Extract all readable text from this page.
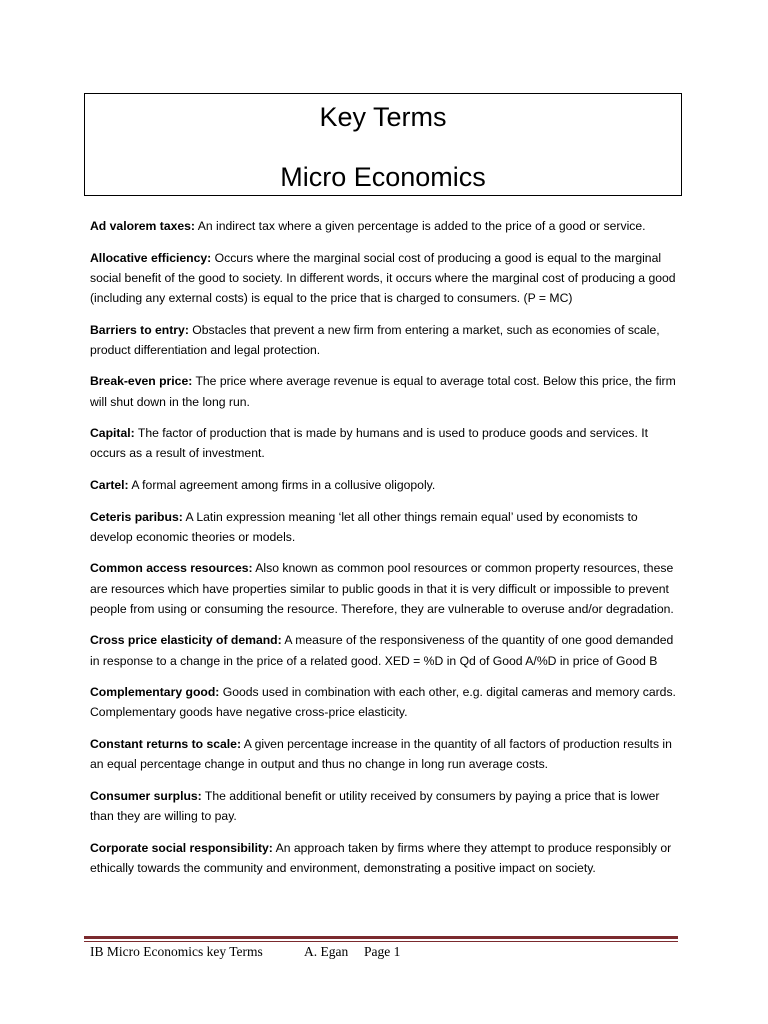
Key Terms
Micro Economics
Ad valorem taxes: An indirect tax where a given percentage is added to the price of a good or service.
Allocative efficiency: Occurs where the marginal social cost of producing a good is equal to the marginal social benefit of the good to society. In different words, it occurs where the marginal cost of producing a good (including any external costs) is equal to the price that is charged to consumers. (P = MC)
Barriers to entry: Obstacles that prevent a new firm from entering a market, such as economies of scale, product differentiation and legal protection.
Break-even price: The price where average revenue is equal to average total cost. Below this price, the firm will shut down in the long run.
Capital: The factor of production that is made by humans and is used to produce goods and services. It occurs as a result of investment.
Cartel: A formal agreement among firms in a collusive oligopoly.
Ceteris paribus: A Latin expression meaning ‘let all other things remain equal’ used by economists to develop economic theories or models.
Common access resources: Also known as common pool resources or common property resources, these are resources which have properties similar to public goods in that it is very difficult or impossible to prevent people from using or consuming the resource. Therefore, they are vulnerable to overuse and/or degradation.
Cross price elasticity of demand: A measure of the responsiveness of the quantity of one good demanded in response to a change in the price of a related good. XED = %D in Qd of Good A/%D in price of Good B
Complementary good: Goods used in combination with each other, e.g. digital cameras and memory cards. Complementary goods have negative cross-price elasticity.
Constant returns to scale: A given percentage increase in the quantity of all factors of production results in an equal percentage change in output and thus no change in long run average costs.
Consumer surplus: The additional benefit or utility received by consumers by paying a price that is lower than they are willing to pay.
Corporate social responsibility: An approach taken by firms where they attempt to produce responsibly or ethically towards the community and environment, demonstrating a positive impact on society.
IB Micro Economics key Terms	A. Egan Page 1
